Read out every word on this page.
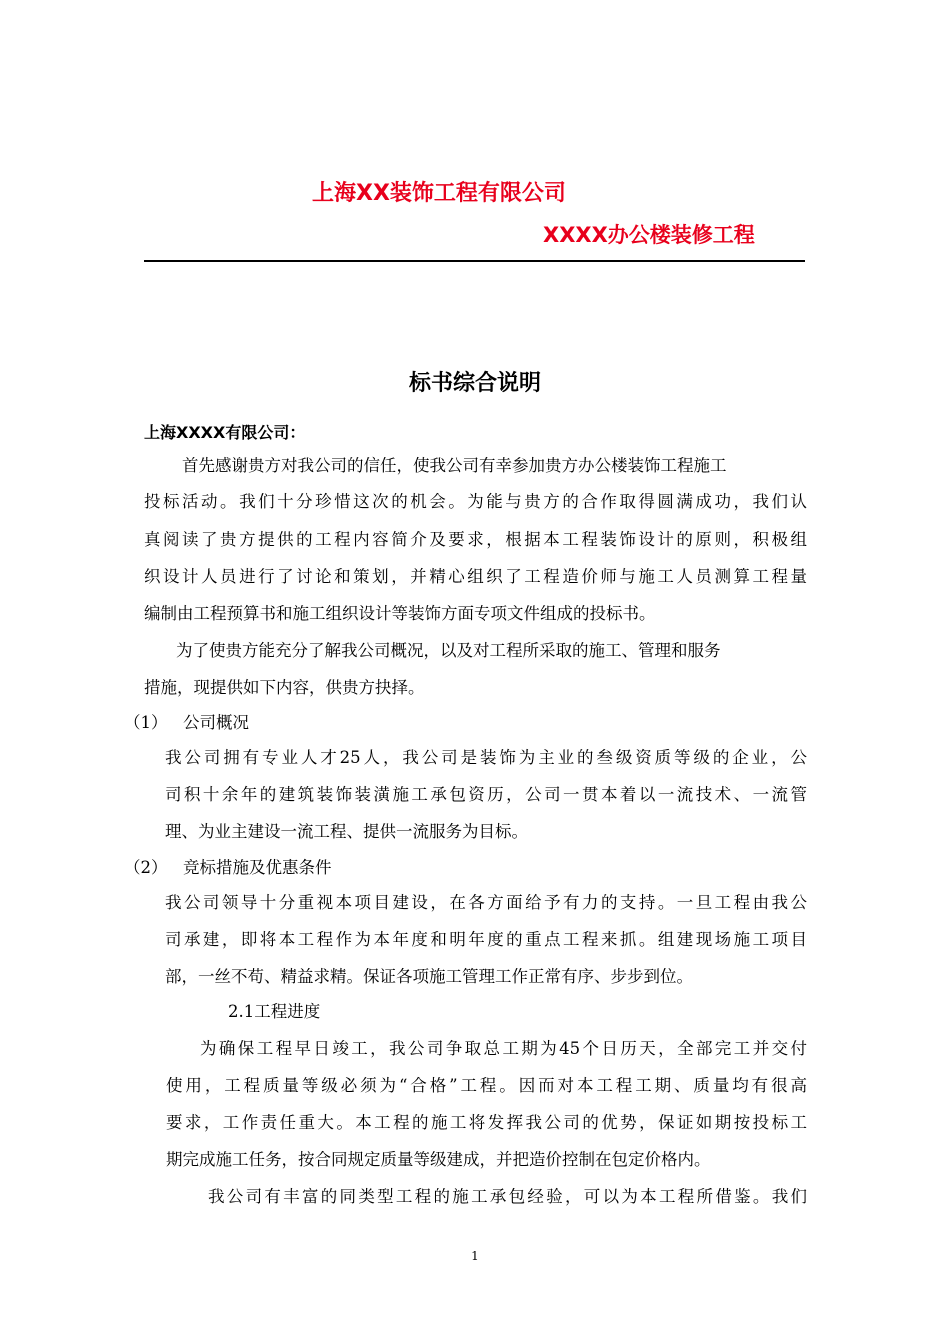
上海XX装饰工程有限公司
XXXX办公楼装修工程
标书综合说明
上海XXXX有限公司：
首先感谢贵方对我公司的信任，使我公司有幸参加贵方办公楼装饰工程施工
投标活动。我们十分珍惜这次的机会。为能与贵方的合作取得圆满成功，我们认
真阅读了贵方提供的工程内容简介及要求，根据本工程装饰设计的原则，积极组
织设计人员进行了讨论和策划，并精心组织了工程造价师与施工人员测算工程量
编制由工程预算书和施工组织设计等装饰方面专项文件组成的投标书。
为了使贵方能充分了解我公司概况，以及对工程所采取的施工、管理和服务
措施，现提供如下内容，供贵方抉择。
（1） 公司概况
我公司拥有专业人才25人，我公司是装饰为主业的叁级资质等级的企业，公
司积十余年的建筑装饰装潢施工承包资历，公司一贯本着以一流技术、一流管
理、为业主建设一流工程、提供一流服务为目标。
（2） 竞标措施及优惠条件
我公司领导十分重视本项目建设，在各方面给予有力的支持。一旦工程由我公
司承建，即将本工程作为本年度和明年度的重点工程来抓。组建现场施工项目
部，一丝不苟、精益求精。保证各项施工管理工作正常有序、步步到位。
2.1工程进度
为确保工程早日竣工，我公司争取总工期为45个日历天，全部完工并交付
使用，工程质量等级必须为“合格”工程。因而对本工程工期、质量均有很高
要求，工作责任重大。本工程的施工将发挥我公司的优势，保证如期按投标工
期完成施工任务，按合同规定质量等级建成，并把造价控制在包定价格内。
我公司有丰富的同类型工程的施工承包经验，可以为本工程所借鉴。我们
1
